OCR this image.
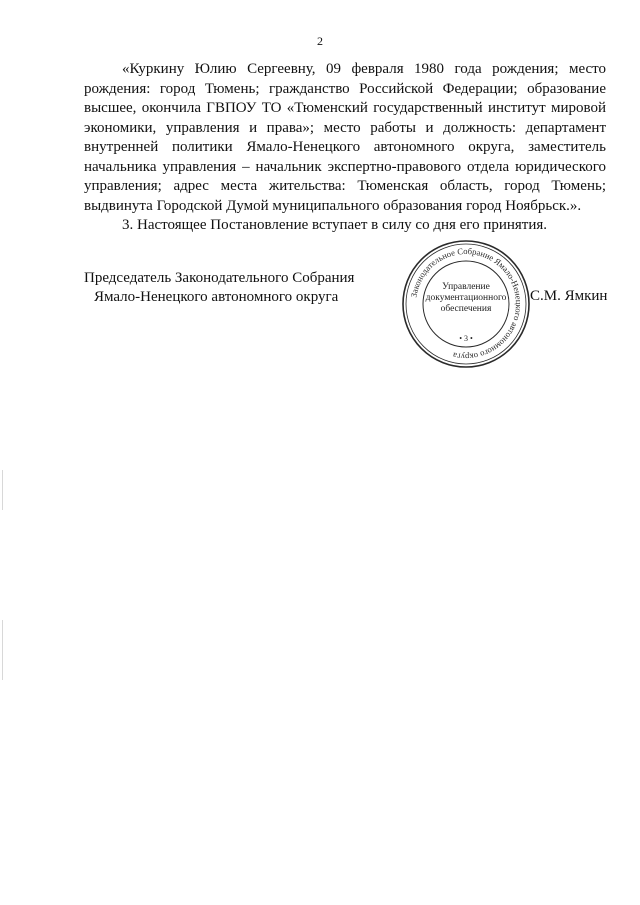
2

«Куркину Юлию Сергеевну, 09 февраля 1980 года рождения; место рождения: город Тюмень; гражданство Российской Федерации; образование высшее, окончила ГВПОУ ТО «Тюменский государственный институт мировой экономики, управления и права»; место работы и должность: департамент внутренней политики Ямало-Ненецкого автономного округа, заместитель начальника управления – начальник экспертно-правового отдела юридического управления; адрес места жительства: Тюменская область, город Тюмень; выдвинута Городской Думой муниципального образования город Ноябрьск.».

3. Настоящее Постановление вступает в силу со дня его принятия.

Председатель Законодательного Собрания
Ямало-Ненецкого автономного округа	Законодательное Собрание Ямало-Ненецкого автономного округа
• 3 •
Управление
документационного
обеспечения
С.М. Ямкин
